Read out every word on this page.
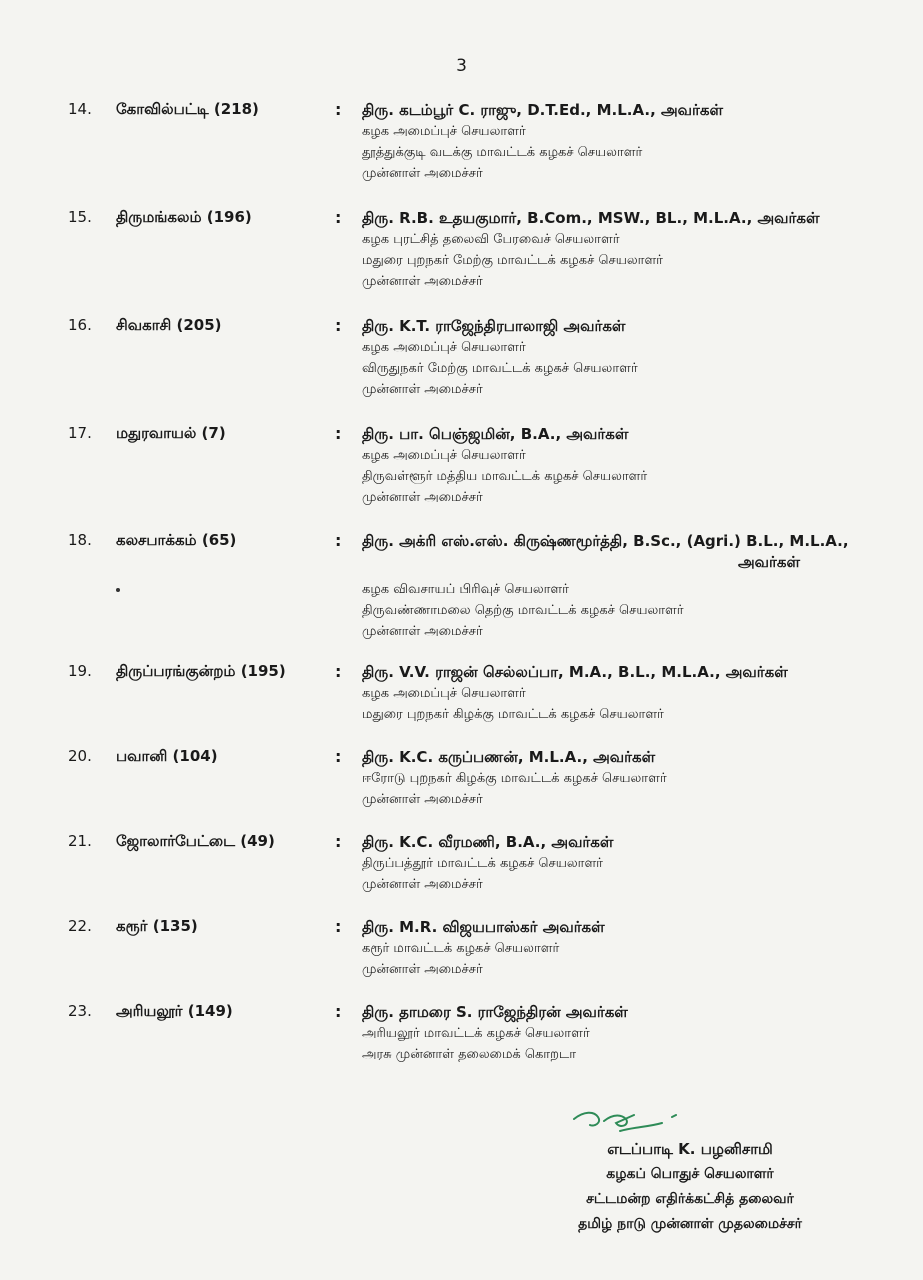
3
14. கோவில்பட்டி (218)	: திரு. கடம்பூர் C. ராஜு, D.T.Ed., M.L.A., அவர்கள்
கழக அமைப்புச் செயலாளர்
தூத்துக்குடி வடக்கு மாவட்டக் கழகச் செயலாளர்
முன்னாள் அமைச்சர்
15. திருமங்கலம் (196)	: திரு. R.B. உதயகுமார், B.Com., MSW., BL., M.L.A., அவர்கள்
கழக புரட்சித் தலைவி பேரவைச் செயலாளர்
மதுரை புறநகர் மேற்கு மாவட்டக் கழகச் செயலாளர்
முன்னாள் அமைச்சர்
16. சிவகாசி (205)	: திரு. K.T. ராஜேந்திரபாலாஜி அவர்கள்
கழக அமைப்புச் செயலாளர்
விருதுநகர் மேற்கு மாவட்டக் கழகச் செயலாளர்
முன்னாள் அமைச்சர்
17. மதுரவாயல் (7)	: திரு. பா. பெஞ்ஜமின், B.A., அவர்கள்
கழக அமைப்புச் செயலாளர்
திருவள்ளூர் மத்திய மாவட்டக் கழகச் செயலாளர்
முன்னாள் அமைச்சர்
18. கலசபாக்கம் (65)	: திரு. அக்ரி எஸ்.எஸ். கிருஷ்ணமூர்த்தி, B.Sc., (Agri.) B.L., M.L.A.,
அவர்கள்
கழக விவசாயப் பிரிவுச் செயலாளர்
திருவண்ணாமலை தெற்கு மாவட்டக் கழகச் செயலாளர்
முன்னாள் அமைச்சர்
19. திருப்பரங்குன்றம் (195)	: திரு. V.V. ராஜன் செல்லப்பா, M.A., B.L., M.L.A., அவர்கள்
கழக அமைப்புச் செயலாளர்
மதுரை புறநகர் கிழக்கு மாவட்டக் கழகச் செயலாளர்
20. பவானி (104)	: திரு. K.C. கருப்பணன், M.L.A., அவர்கள்
ஈரோடு புறநகர் கிழக்கு மாவட்டக் கழகச் செயலாளர்
முன்னாள் அமைச்சர்
21. ஜோலார்பேட்டை (49)	: திரு. K.C. வீரமணி, B.A., அவர்கள்
திருப்பத்தூர் மாவட்டக் கழகச் செயலாளர்
முன்னாள் அமைச்சர்
22. கரூர் (135)	: திரு. M.R. விஜயபாஸ்கர் அவர்கள்
கரூர் மாவட்டக் கழகச் செயலாளர்
முன்னாள் அமைச்சர்
23. அரியலூர் (149)	: திரு. தாமரை S. ராஜேந்திரன் அவர்கள்
அரியலூர் மாவட்டக் கழகச் செயலாளர்
அரசு முன்னாள் தலைமைக் கொறடா
எடப்பாடி K. பழனிசாமி
கழகப் பொதுச் செயலாளர்
சட்டமன்ற எதிர்க்கட்சித் தலைவர்
தமிழ் நாடு முன்னாள் முதலமைச்சர்
